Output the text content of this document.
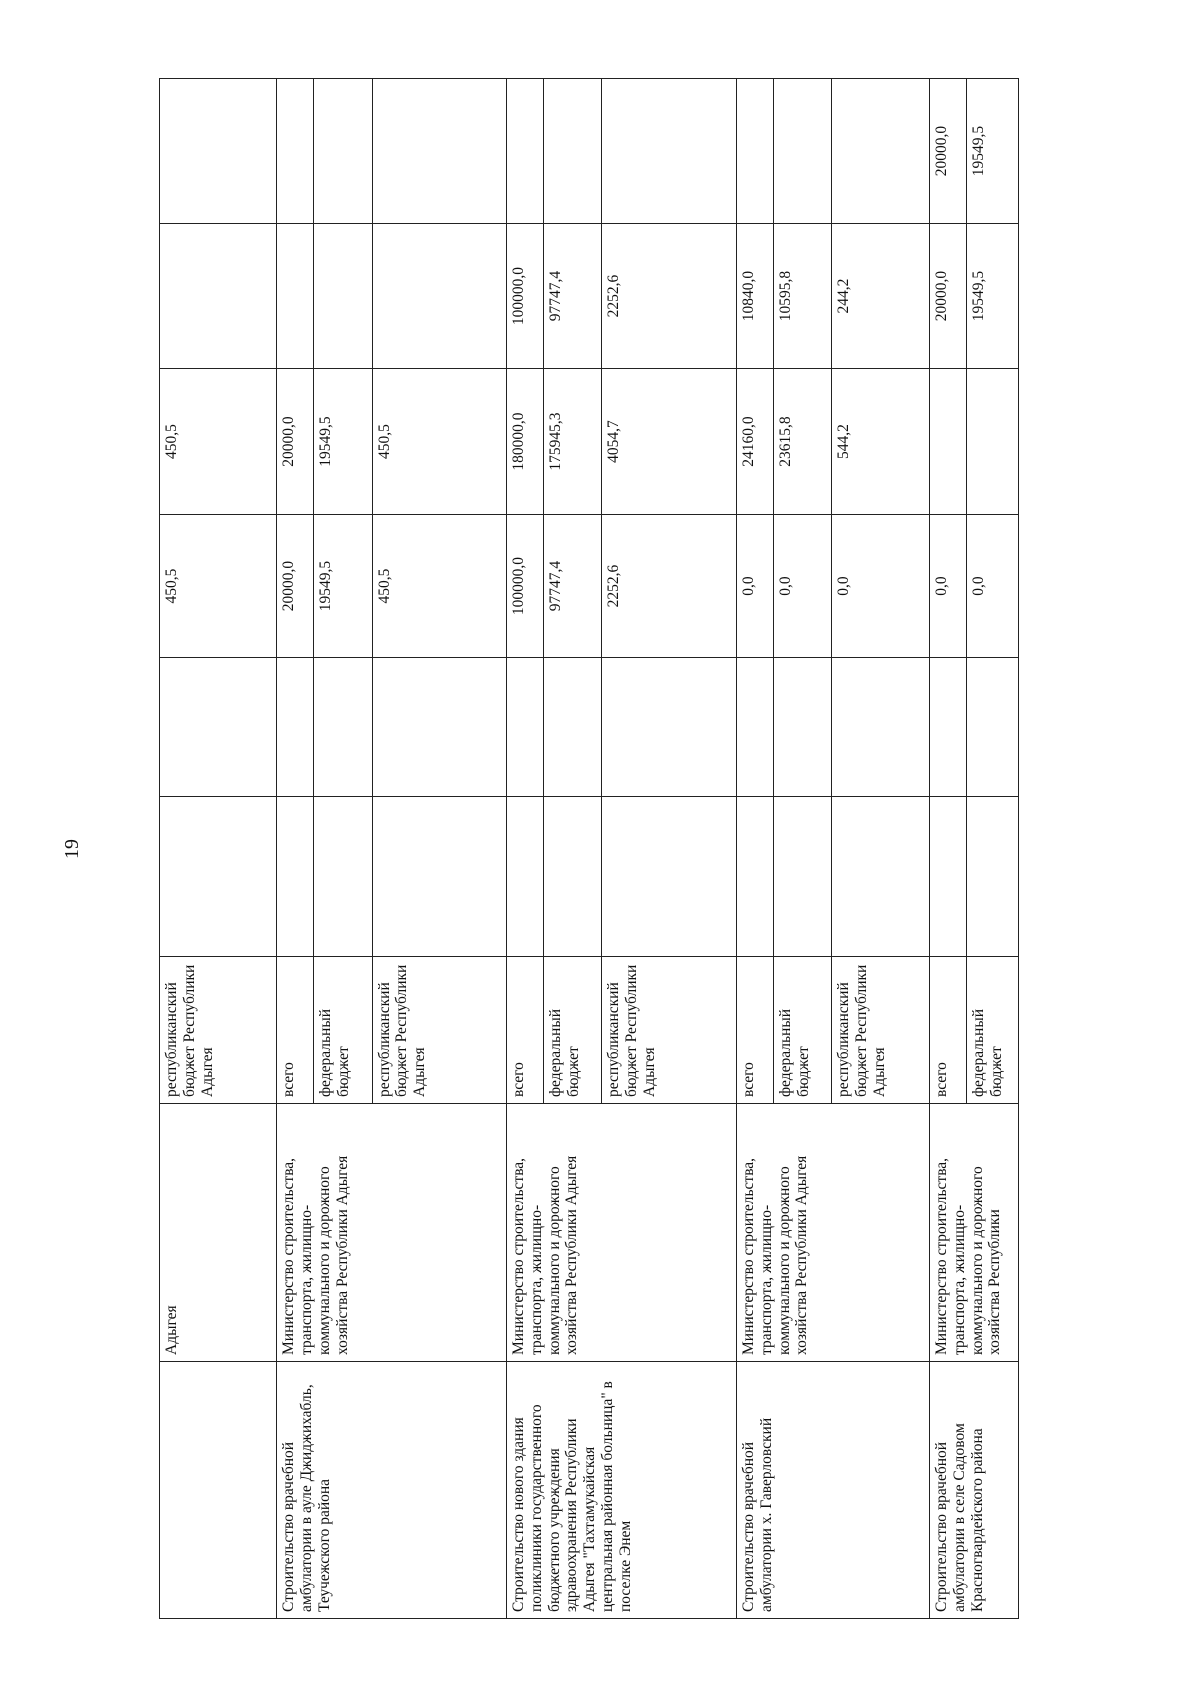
19
	Адыгея	республиканский бюджет Республики Адыгея			450,5	450,5		
Строительство врачебной амбулатории в ауле Джиджихабль, Теучежского района	Министерство строительства, транспорта, жилищно-коммунального и дорожного хозяйства Республики Адыгея	всего			20000,0	20000,0		
		федеральный бюджет			19549,5	19549,5		
		республиканский бюджет Республики Адыгея			450,5	450,5		
Строительство нового здания поликлиники государственного бюджетного учреждения здравоохранения Республики Адыгея "Тахтамукайская центральная районная больница" в поселке Энем	Министерство строительства, транспорта, жилищно-коммунального и дорожного хозяйства Республики Адыгея	всего			100000,0	180000,0	100000,0	
		федеральный бюджет			97747,4	175945,3	97747,4	
		республиканский бюджет Республики Адыгея			2252,6	4054,7	2252,6	
Строительство врачебной амбулатории х. Гаверловский	Министерство строительства, транспорта, жилищно-коммунального и дорожного хозяйства Республики Адыгея	всего			0,0	24160,0	10840,0	
		федеральный бюджет			0,0	23615,8	10595,8	
		республиканский бюджет Республики Адыгея			0,0	544,2	244,2	
Строительство врачебной амбулатории в селе Садовом Красногвардейского района	Министерство строительства, транспорта, жилищно-коммунального и дорожного хозяйства Республики	всего			0,0		20000,0	20000,0
		федеральный бюджет			0,0		19549,5	19549,5
